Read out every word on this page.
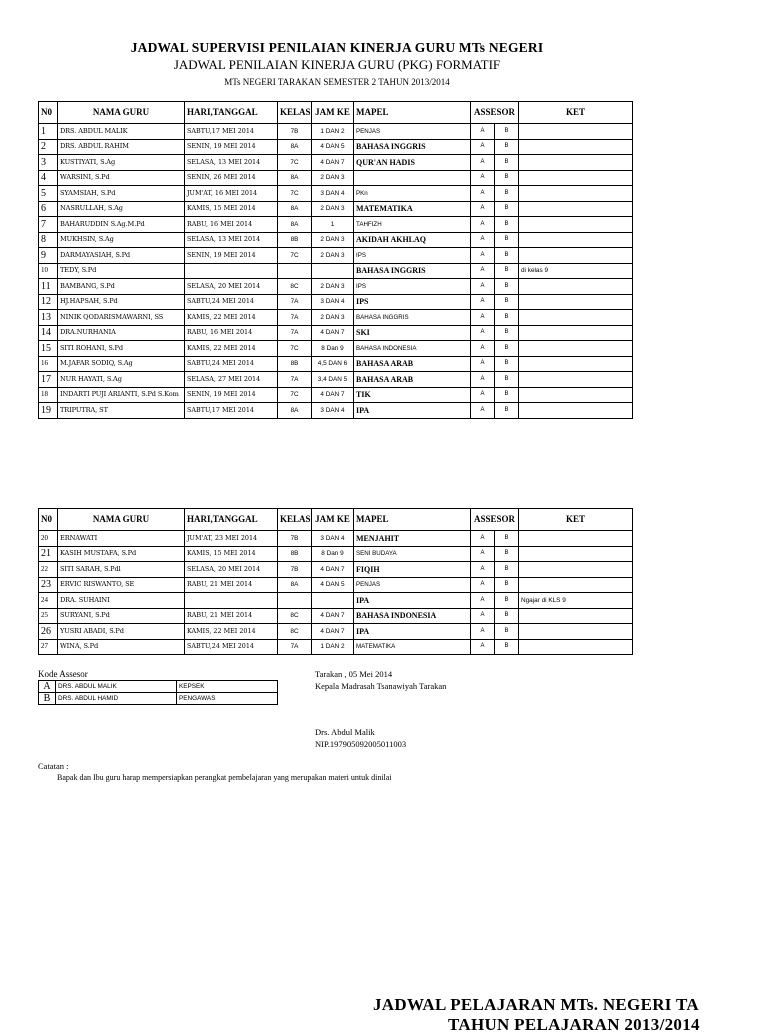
JADWAL SUPERVISI PENILAIAN KINERJA GURU MTs NEGERI
JADWAL PENILAIAN KINERJA GURU (PKG) FORMATIF
MTs NEGERI TARAKAN SEMESTER 2 TAHUN 2013/2014
N0	NAMA GURU	HARI,TANGGAL	KELAS	JAM KE	MAPEL	ASSESOR		KET
1	DRS. ABDUL MALIK	SABTU,17 MEI 2014	7B	1 DAN 2	PENJAS	A	B	
2	DRS. ABDUL RAHIM	SENIN, 19 MEI 2014	8A	4 DAN 5	BAHASA INGGRIS	A	B	
3	KUSTIYATI, S.Ag	SELASA, 13 MEI 2014	7C	4 DAN 7	QUR'AN HADIS	A	B	
4	WARSINI, S.Pd	SENIN, 26 MEI 2014	8A	2 DAN 3		A	B	
5	SYAMSIAH, S.Pd	JUM'AT, 16 MEI 2014	7C	3 DAN 4	PKn	A	B	
6	NASRULLAH, S.Ag	KAMIS, 15 MEI 2014	8A	2 DAN 3	MATEMATIKA	A	B	
7	BAHARUDDIN S.Ag.M.Pd	RABU, 16 MEI 2014	8A	1	TAHFIZH	A	B	
8	MUKHSIN, S.Ag	SELASA, 13 MEI 2014	8B	2 DAN 3	AKIDAH AKHLAQ	A	B	
9	DARMAYASIAH, S.Pd	SENIN, 19 MEI 2014	7C	2 DAN 3	IPS	A	B	
10	TEDY, S.Pd				BAHASA INGGRIS	A	B	di kelas 9
11	BAMBANG, S.Pd	SELASA, 20 MEI 2014	8C	2 DAN 3	IPS	A	B	
12	HJ.HAPSAH, S.Pd	SABTU,24 MEI 2014	7A	3 DAN 4	IPS	A	B	
13	NINIK QODARISMAWARNI, SS	KAMIS, 22 MEI 2014	7A	2 DAN 3	BAHASA INGGRIS	A	B	
14	DRA.NURHANIA	RABU, 16 MEI 2014	7A	4 DAN 7	SKI	A	B	
15	SITI ROHANI, S.Pd	KAMIS, 22 MEI 2014	7C	8 Dan 9	BAHASA INDONESIA	A	B	
16	M.JAFAR SODIQ, S.Ag	SABTU,24 MEI 2014	8B	4,5 DAN 6	BAHASA ARAB	A	B	
17	NUR HAYATI, S.Ag	SELASA, 27 MEI 2014	7A	3,4 DAN 5	BAHASA ARAB	A	B	
18	INDARTI PUJI ARIANTI, S.Pd S.Kom	SENIN, 19 MEI 2014	7C	4 DAN 7	TIK	A	B	
19	TRIPUTRA, ST	SABTU,17 MEI 2014	8A	3 DAN 4	IPA	A	B	
N0	NAMA GURU	HARI,TANGGAL	KELAS	JAM KE	MAPEL	ASSESOR		KET
20	ERNAWATI	JUM'AT, 23 MEI 2014	7B	3 DAN 4	MENJAHIT	A	B	
21	KASIH MUSTAFA, S.Pd	KAMIS, 15 MEI 2014	8B	8 Dan 9	SENI BUDAYA	A	B	
22	SITI SARAH, S.Pdl	SELASA, 20 MEI 2014	7B	4 DAN 7	FIQIH	A	B	
23	ERVIC RISWANTO, SE	RABU, 21 MEI 2014	8A	4 DAN 5	PENJAS	A	B	
24	DRA. SUHAINI				IPA	A	B	Ngajar di KLS 9
25	SURYANI, S.Pd	RABU, 21 MEI 2014	8C	4 DAN 7	BAHASA INDONESIA	A	B	
26	YUSRI ABADI, S.Pd	KAMIS, 22 MEI 2014	8C	4 DAN 7	IPA	A	B	
27	WINA, S.Pd	SABTU,24 MEI 2014	7A	1 DAN 2	MATEMATIKA	A	B	
Kode Assesor
A	DRS. ABDUL MALIK	KEPSEK
B	DRS. ABDUL HAMID	PENGAWAS
Tarakan , 05 Mei 2014
Kepala Madrasah Tsanawiyah Tarakan
Drs. Abdul Malik
NIP.197905092005011003
Catatan :
Bapak dan Ibu guru harap mempersiapkan perangkat pembelajaran yang merupakan materi untuk dinilai
JADWAL PELAJARAN MTs. NEGERI TA
TAHUN PELAJARAN 2013/2014
